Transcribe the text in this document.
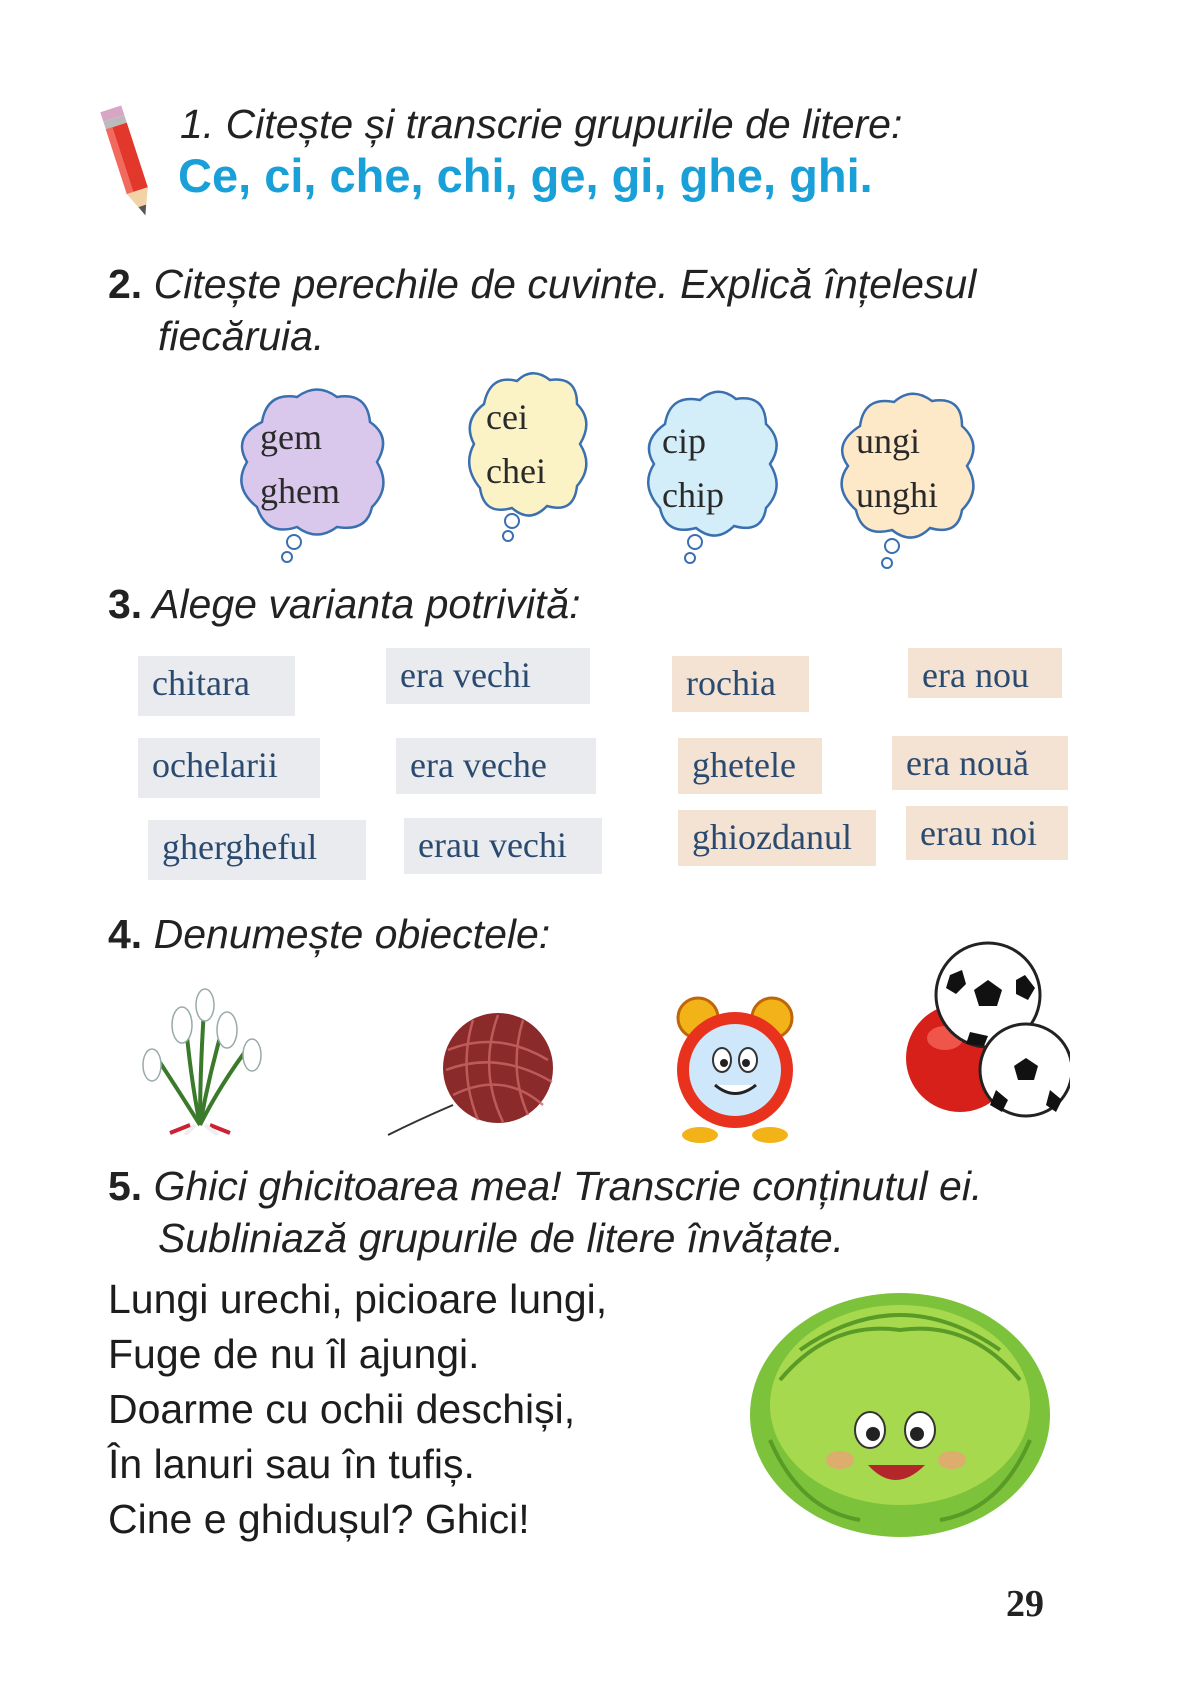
1. Citește și transcrie grupurile de litere:
Ce, ci, che, chi, ge, gi, ghe, ghi.
2. Citește perechile de cuvinte. Explică înțelesul
fiecăruia.
gem
ghem
cei
chei
cip
chip
ungi
unghi
3. Alege varianta potrivită:
chitara	era vechi	rochia	era nou
ochelarii	era veche	ghetele	era nouă
ghergheful	erau vechi	ghiozdanul	erau noi
4. Denumește obiectele:
5. Ghici ghicitoarea mea! Transcrie conținutul ei.
Subliniază grupurile de litere învățate.
Lungi urechi, picioare lungi,
Fuge de nu îl ajungi.
Doarme cu ochii deschiși,
În lanuri sau în tufiș.
Cine e ghidușul? Ghici!
29
